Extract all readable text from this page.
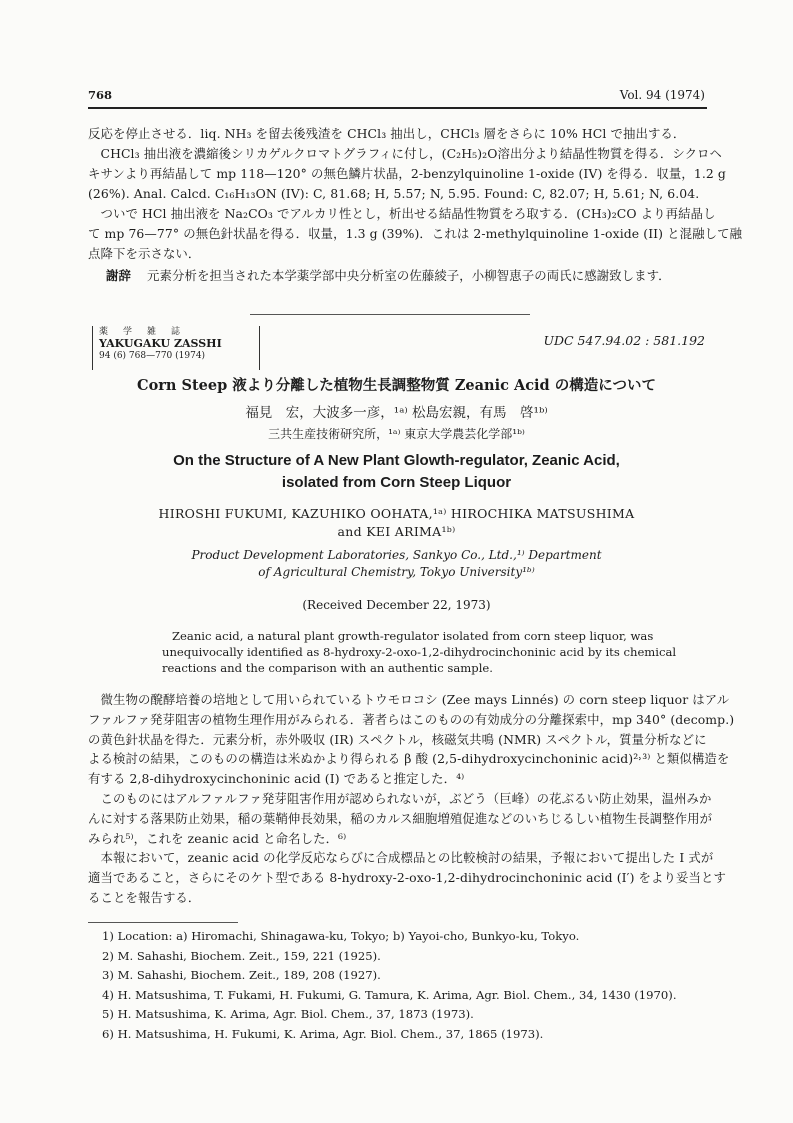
768	Vol. 94 (1974)

反応を停止させる．liq. NH₃ を留去後残渣を CHCl₃ 抽出し，CHCl₃ 層をさらに 10% HCl で抽出する．

　CHCl₃ 抽出液を濃縮後シリカゲルクロマトグラフィに付し，(C₂H₅)₂O溶出分より結晶性物質を得る．シクロヘ

キサンより再結晶して mp 118—120° の無色鱗片状晶，2-benzylquinoline 1-oxide (IV) を得る．収量，1.2 g

(26%). Anal. Calcd. C₁₆H₁₃ON (IV): C, 81.68; H, 5.57; N, 5.95. Found: C, 82.07; H, 5.61; N, 6.04.

　ついで HCl 抽出液を Na₂CO₃ でアルカリ性とし，析出せる結晶性物質をろ取する．(CH₃)₂CO より再結晶し

て mp 76—77° の無色針状晶を得る．収量，1.3 g (39%)．これは 2-methylquinoline 1-oxide (II) と混融して融

点降下を示さない．

謝辞 元素分析を担当された本学薬学部中央分析室の佐藤綾子，小柳智恵子の両氏に感謝致します．
薬　学　雑　誌
YAKUGAKU ZASSHI
94 (6) 768—770 (1974)
UDC 547.94.02 : 581.192
Corn Steep 液より分離した植物生長調整物質 Zeanic Acid の構造について
福見　宏，大波多一彦，¹ᵃ⁾ 松島宏親，有馬　啓¹ᵇ⁾
三共生産技術研究所，¹ᵃ⁾ 東京大学農芸化学部¹ᵇ⁾
On the Structure of A New Plant Glowth-regulator, Zeanic Acid,
isolated from Corn Steep Liquor
HIROSHI FUKUMI, KAZUHIKO OOHATA,¹ᵃ⁾ HIROCHIKA MATSUSHIMA
and KEI ARIMA¹ᵇ⁾
Product Development Laboratories, Sankyo Co., Ltd.,¹⁾ Department
of Agricultural Chemistry, Tokyo University¹ᵇ⁾
(Received December 22, 1973)
Zeanic acid, a natural plant growth-regulator isolated from corn steep liquor, was
unequivocally identified as 8-hydroxy-2-oxo-1,2-dihydrocinchoninic acid by its chemical
reactions and the comparison with an authentic sample.

　微生物の醗酵培養の培地として用いられているトウモロコシ (Zee mays Linnés) の corn steep liquor はアル

ファルファ発芽阻害の植物生理作用がみられる．著者らはこのものの有効成分の分離探索中，mp 340° (decomp.)

の黄色針状晶を得た．元素分析，赤外吸収 (IR) スペクトル，核磁気共鳴 (NMR) スペクトル，質量分析などに

よる検討の結果，このものの構造は米ぬかより得られる β 酸 (2,5-dihydroxycinchoninic acid)²˒³⁾ と類似構造を

有する 2,8-dihydroxycinchoninic acid (I) であると推定した．⁴⁾

　このものにはアルファルファ発芽阻害作用が認められないが，ぶどう（巨峰）の花ぶるい防止効果，温州みか

んに対する落果防止効果，稲の葉鞘伸長効果，稲のカルス細胞増殖促進などのいちじるしい植物生長調整作用が

みられ⁵⁾，これを zeanic acid と命名した．⁶⁾

　本報において，zeanic acid の化学反応ならびに合成標品との比較検討の結果，予報において提出した I 式が

適当であること，さらにそのケト型である 8-hydroxy-2-oxo-1,2-dihydrocinchoninic acid (I′) をより妥当とす

ることを報告する．

1) Location: a) Hiromachi, Shinagawa-ku, Tokyo; b) Yayoi-cho, Bunkyo-ku, Tokyo.

2) M. Sahashi, Biochem. Zeit., 159, 221 (1925).

3) M. Sahashi, Biochem. Zeit., 189, 208 (1927).

4) H. Matsushima, T. Fukami, H. Fukumi, G. Tamura, K. Arima, Agr. Biol. Chem., 34, 1430 (1970).

5) H. Matsushima, K. Arima, Agr. Biol. Chem., 37, 1873 (1973).

6) H. Matsushima, H. Fukumi, K. Arima, Agr. Biol. Chem., 37, 1865 (1973).
